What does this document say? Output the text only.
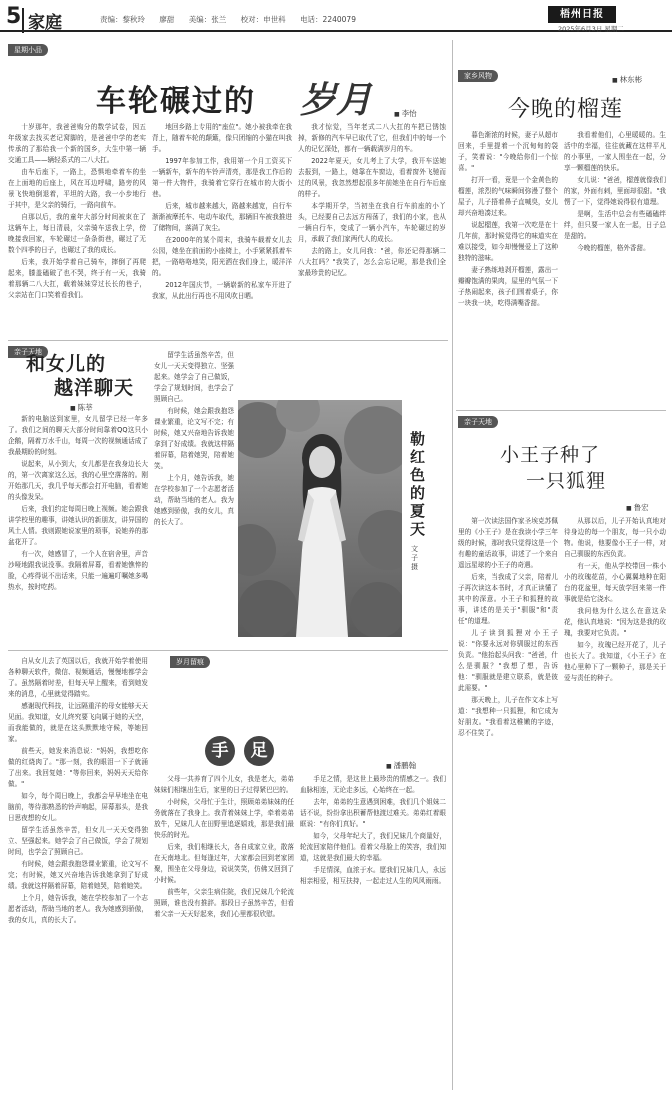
5 家庭	责编：黎秋玲 廖甜 美编：张兰 校对：申世科 电话：2240079	梧州日报
2025年6月3日 星期二
星期小品
车轮碾过的 岁月	■ 李怡

十岁那年，我爸爸购分的数学试卷，因五年级家去找买老记窝脚的，是爸爸中学的老实传承的了那给我一个新的国乡，大生中第一辆交通工具——辆轻系式的二八大扛。

由车后座下，一路上，恐惧地牵着车的坐在上面地的后座上，风在耳边呼啸，路旁的风景飞快地倒退着，平坦的大路，我一小步地行于其中，是父亲的骑行，一路向前车。

自那以后，我的童年大部分时间被束在了这辆车上，每日清晨，父亲骑车送我上学，傍晚接我回家，车轮碾过一条条街巷，碾过了无数个四季的日子，也碾过了我的成长。

后来，我开始学着自己骑车，摔倒了再爬起来，膝盖磕破了也不哭，终于有一天，我骑着那辆二八大扛，载着妹妹穿过长长的巷子，父亲站在门口笑着看我们。

地回乡路上专用的"座位"。她小被我牵在我背上，随着车轮的颠簸，像只团缩的小猫在叫我手。

1997年参加工作，我用第一个月工资买下一辆新车，新车的车铃声清亮，那是我工作后的第一件大物件，我骑着它穿行在城市的大街小巷。

后来，城市越来越大，路越来越宽，自行车渐渐被摩托车、电动车取代，那辆旧车被我推进了储物间，落满了灰尘。

在2000年的某个周末，我骑车载着女儿去公园，她坐在前面的小座椅上，小手紧紧抓着车把，一路咯咯地笑，阳光洒在我们身上，暖洋洋的。

2012年国庆节，一辆崭新的私家车开进了我家，从此出行再也不用风吹日晒。

我才惊觉，当年老式二八大扛的车把已锈蚀掉，新修的汽车早已取代了它，但我们中的每一个人的记忆深处，都有一辆载满岁月的车。

2022年夏天，女儿考上了大学，我开车送她去报到，一路上，她靠在车窗边，看着窗外飞驰而过的风景，我忽然想起很多年前她坐在自行车后座的样子。

本学期开学，当初坐在我自行车前座的小丫头，已经要自己去远方闯荡了，我们的小家，也从一辆自行车，变成了一辆小汽车，车轮碾过的岁月，承载了我们家两代人的成长。

去的路上，女儿问我："爸，你还记得那辆二八大扛吗？"我笑了，怎么会忘记呢，那是我们全家最珍贵的记忆。

亲子天地
和女儿的
越洋聊天
■ 陈莘

新的电脑送到家里，女儿留学已经一年多了。我们之间的聊天大部分时间靠着QQ这只小企鹅，隔着万水千山，每周一次的视频通话成了我最期盼的时刻。

说起来，从小到大，女儿都是在我身边长大的，第一次离家这么远，我的心里空落落的。刚开始那几天，我几乎每天都会打开电脑，看着她的头像发呆。

后来，我们约定每周日晚上视频。她会跟我讲学校里的趣事，讲她认识的新朋友，讲异国的风土人情。我则跟她说家里的琐事，说她养的那盆花开了。

有一次，她感冒了，一个人在宿舍里，声音沙哑地跟我说没事。我隔着屏幕，看着她憔悴的脸，心疼得说不出话来，只能一遍遍叮嘱她多喝热水，按时吃药。

自从女儿去了英国以后，我就开始学着使用各种聊天软件，微信、视频通话，慢慢地都学会了。虽然隔着时差，但每天早上醒来，看到她发来的消息，心里就觉得踏实。

感谢现代科技，让远隔重洋的母女能够天天见面。我知道，女儿终究要飞向属于她的天空，而我能做的，就是在这头默默地守候，等她回家。

前些天，她发来消息说："妈妈，我想吃你做的红烧肉了。"那一刻，我的眼泪一下子就涌了出来。我回复她："等你回来，妈妈天天给你做。"

如今，每个周日晚上，我都会早早地坐在电脑前，等待那熟悉的铃声响起，屏幕那头，是我日思夜想的女儿。

留学生活虽然辛苦，但女儿一天天变得独立、坚强起来。她学会了自己做饭，学会了规划时间，也学会了照顾自己。

有时候，她会跟我抱怨课业繁重，论文写不完；有时候，她又兴奋地告诉我她拿到了好成绩。我就这样隔着屏幕，陪着她哭，陪着她笑。

上个月，她告诉我，她在学校参加了一个志愿者活动，帮助当地的老人。我为她感到骄傲，我的女儿，真的长大了。

留学生活虽然辛苦，但女儿一天天变得独立、坚强起来。她学会了自己做饭，学会了规划时间，也学会了照顾自己。

有时候，她会跟我抱怨课业繁重，论文写不完；有时候，她又兴奋地告诉我她拿到了好成绩。我就这样隔着屏幕，陪着她哭，陪着她笑。

上个月，她告诉我，她在学校参加了一个志愿者活动，帮助当地的老人。我为她感到骄傲，我的女儿，真的长大了。

勒红色的夏天
文子摄
岁月留痕
手	足
■ 潘鹏翰

父母一共养育了四个儿女，我是老大，弟弟妹妹们相继出生后，家里的日子过得紧巴巴的。

小时候，父母忙于生计，照顾弟弟妹妹的任务就落在了我身上。我背着妹妹上学，牵着弟弟放牛，兄妹几人在田野里追逐嬉戏，那是我们最快乐的时光。

后来，我们相继长大，各自成家立业，散落在天南地北。但每逢过年，大家都会回到老家团聚，围坐在父母身边，说说笑笑，仿佛又回到了小时候。

前些年，父亲生病住院，我们兄妹几个轮流照顾，谁也没有推辞。那段日子虽然辛苦，但看着父亲一天天好起来，我们心里都很欣慰。

手足之情，是这世上最珍贵的情感之一。我们血脉相连，无论走多远，心始终在一起。

去年，弟弟的生意遇到困难，我们几个姐妹二话不说，纷纷拿出积蓄帮他渡过难关。弟弟红着眼眶说："有你们真好。"

如今，父母年纪大了，我们兄妹几个商量好，轮流回家陪伴他们。看着父母脸上的笑容，我们知道，这就是我们最大的幸福。

手足情深，血浓于水。愿我们兄妹几人，永远相亲相爱，相互扶持，一起走过人生的风风雨雨。

家乡风物	■ 林东彬
今晚的榴莲

暮色渐浓的时候，妻子从超市回来，手里提着一个沉甸甸的袋子，笑着说："今晚给你们一个惊喜。"

打开一看，竟是一个金黄色的榴莲，浓烈的气味瞬间弥漫了整个屋子，儿子捂着鼻子直喊臭，女儿却兴奋地凑过来。

说起榴莲，我第一次吃是在十几年前，那时候觉得它的味道实在难以接受，如今却慢慢爱上了这种独特的滋味。

妻子熟练地剥开榴莲，露出一瓣瓣饱满的果肉，屋里的气氛一下子热闹起来，孩子们围着桌子，你一块我一块，吃得满嘴香甜。

我看着他们，心里暖暖的。生活中的幸福，往往就藏在这样平凡的小事里，一家人围坐在一起，分享一颗榴莲的快乐。

女儿说："爸爸，榴莲就像我们的家，外面有刺，里面却很甜。"我愣了一下，觉得她说得很有道理。

是啊，生活中总会有些磕磕绊绊，但只要一家人在一起，日子总是甜的。

今晚的榴莲，格外香甜。

亲子天地
小王子种了
一只狐狸
■ 鲁宏

第一次读法国作家圣埃克苏佩里的《小王子》是在我读小学三年级的时候，那时我只觉得这是一个有趣的童话故事，讲述了一个来自遥远星球的小王子的奇遇。

后来，当我成了父亲，陪着儿子再次读这本书时，才真正读懂了其中的深意。小王子和狐狸的故事，讲述的是关于"驯服"和"责任"的道理。

儿子读到狐狸对小王子说："你要永远对你驯服过的东西负责。"他抬起头问我："爸爸，什么是驯服？"我想了想，告诉他："驯服就是建立联系，就是彼此需要。"

那天晚上，儿子在作文本上写道："我想种一只狐狸，和它成为好朋友。"我看着这稚嫩的字迹，忍不住笑了。

从那以后，儿子开始认真地对待身边的每一个朋友，每一只小动物。他说，他要像小王子一样，对自己驯服的东西负责。

有一天，他从学校带回一株小小的玫瑰花苗，小心翼翼地种在阳台的花盆里，每天放学回来第一件事就是给它浇水。

我问他为什么这么在意这朵花，他认真地说："因为这是我的玫瑰，我要对它负责。"

如今，玫瑰已经开花了，儿子也长大了。我知道，《小王子》在他心里种下了一颗种子，那是关于爱与责任的种子。
